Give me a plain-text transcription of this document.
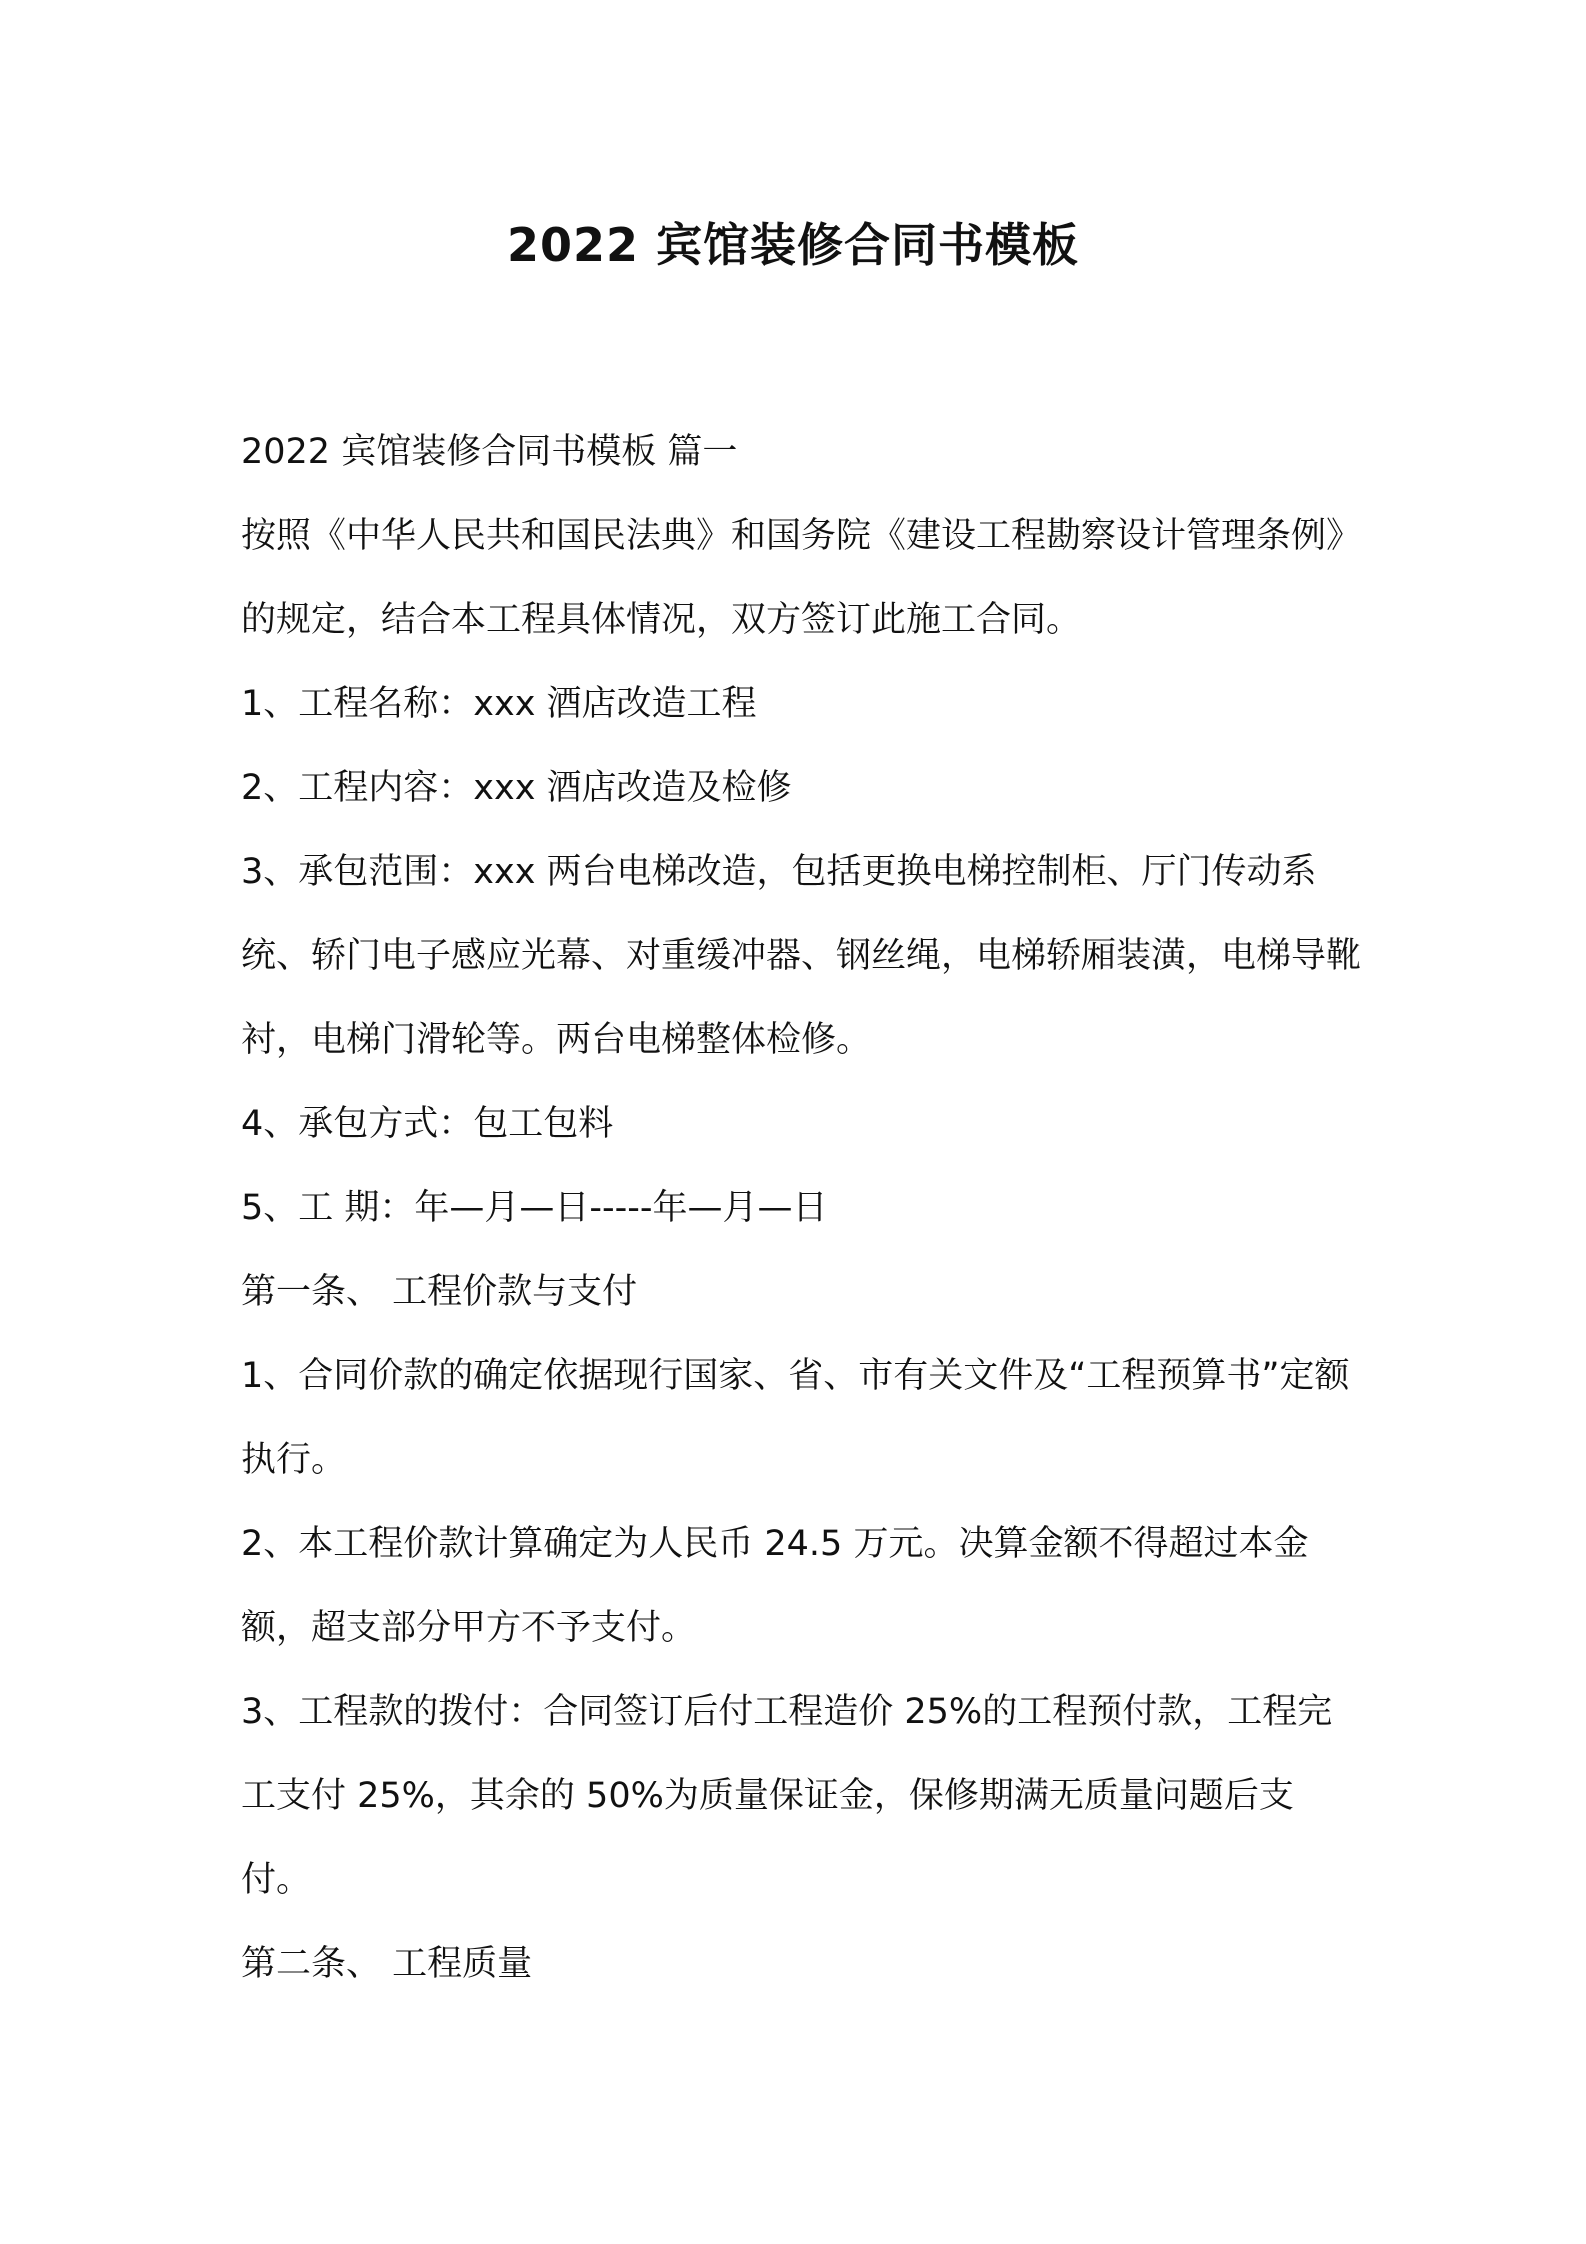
2022 宾馆装修合同书模板

2022 宾馆装修合同书模板 篇一

按照《中华人民共和国民法典》和国务院《建设工程勘察设计管理条例》的规定，结合本工程具体情况，双方签订此施工合同。

1、工程名称：xxx 酒店改造工程

2、工程内容：xxx 酒店改造及检修

3、承包范围：xxx 两台电梯改造，包括更换电梯控制柜、厅门传动系统、轿门电子感应光幕、对重缓冲器、钢丝绳，电梯轿厢装潢，电梯导靴衬，电梯门滑轮等。两台电梯整体检修。

4、承包方式：包工包料

5、工 期：年—月—日-----年—月—日

第一条、 工程价款与支付

1、合同价款的确定依据现行国家、省、市有关文件及“工程预算书”定额执行。

2、本工程价款计算确定为人民币 24.5 万元。决算金额不得超过本金额，超支部分甲方不予支付。

3、工程款的拨付：合同签订后付工程造价 25%的工程预付款，工程完工支付 25%，其余的 50%为质量保证金，保修期满无质量问题后支付。

第二条、 工程质量
